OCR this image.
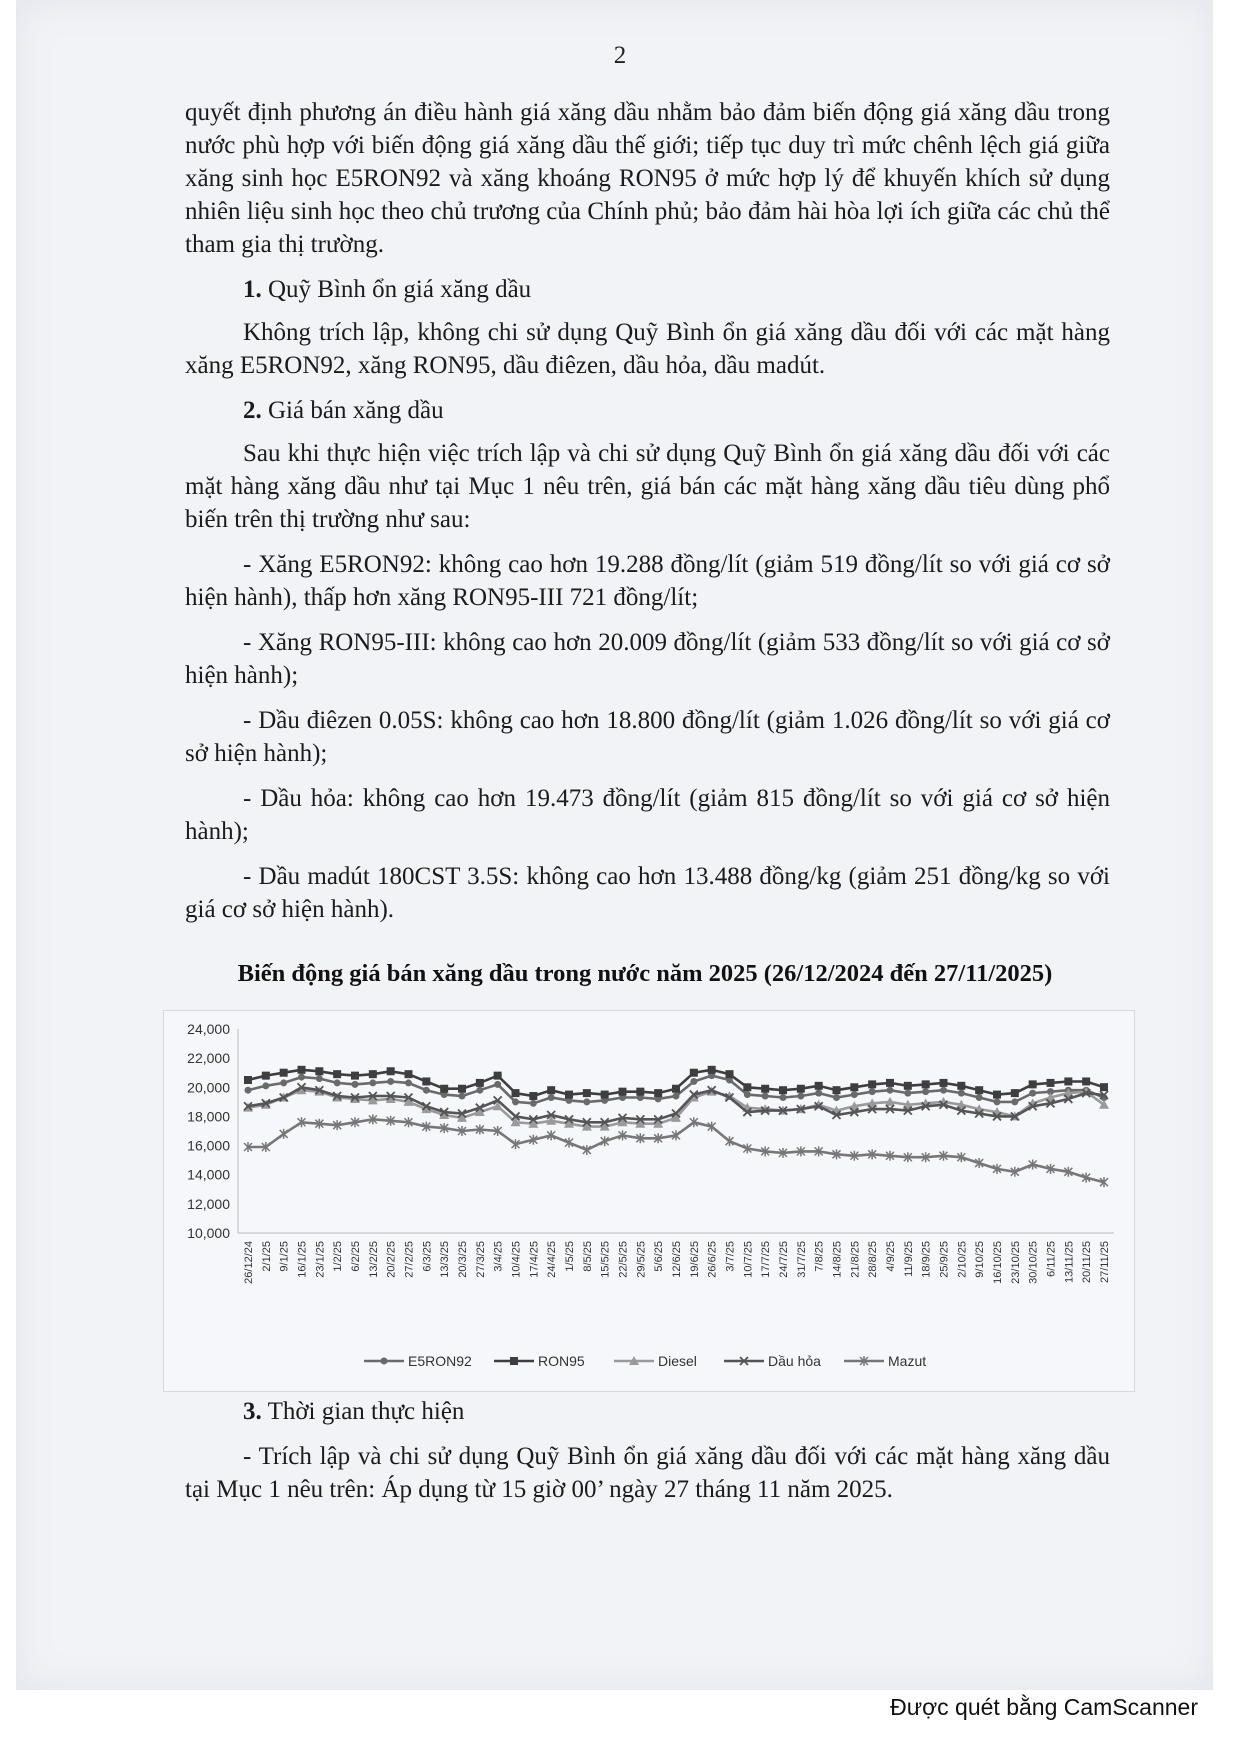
2

quyết định phương án điều hành giá xăng dầu nhằm bảo đảm biến động giá xăng dầu trong nước phù hợp với biến động giá xăng dầu thế giới; tiếp tục duy trì mức chênh lệch giá giữa xăng sinh học E5RON92 và xăng khoáng RON95 ở mức hợp lý để khuyến khích sử dụng nhiên liệu sinh học theo chủ trương của Chính phủ; bảo đảm hài hòa lợi ích giữa các chủ thể tham gia thị trường.

1. Quỹ Bình ổn giá xăng dầu

Không trích lập, không chi sử dụng Quỹ Bình ổn giá xăng dầu đối với các mặt hàng xăng E5RON92, xăng RON95, dầu điêzen, dầu hỏa, dầu madút.

2. Giá bán xăng dầu

Sau khi thực hiện việc trích lập và chi sử dụng Quỹ Bình ổn giá xăng dầu đối với các mặt hàng xăng dầu như tại Mục 1 nêu trên, giá bán các mặt hàng xăng dầu tiêu dùng phổ biến trên thị trường như sau:

- Xăng E5RON92: không cao hơn 19.288 đồng/lít (giảm 519 đồng/lít so với giá cơ sở hiện hành), thấp hơn xăng RON95-III 721 đồng/lít;

- Xăng RON95-III: không cao hơn 20.009 đồng/lít (giảm 533 đồng/lít so với giá cơ sở hiện hành);

- Dầu điêzen 0.05S: không cao hơn 18.800 đồng/lít (giảm 1.026 đồng/lít so với giá cơ sở hiện hành);

- Dầu hỏa: không cao hơn 19.473 đồng/lít (giảm 815 đồng/lít so với giá cơ sở hiện hành);

- Dầu madút 180CST 3.5S: không cao hơn 13.488 đồng/kg (giảm 251 đồng/kg so với giá cơ sở hiện hành).

Biến động giá bán xăng dầu trong nước năm 2025 (26/12/2024 đến 27/11/2025)
24,000
22,000
20,000
18,000
16,000
14,000
12,000
10,000
26/12/24 2/1/25 9/1/25 16/1/25 23/1/25 1/2/25 6/2/25 13/2/25 20/2/25 27/2/25 6/3/25 13/3/25 20/3/25 27/3/25 3/4/25 10/4/25 17/4/25 24/4/25 1/5/25 8/5/25 15/5/25 22/5/25 29/5/25 5/6/25 12/6/25 19/6/25 26/6/25 3/7/25 10/7/25 17/7/25 24/7/25 31/7/25 7/8/25 14/8/25 21/8/25 28/8/25 4/9/25 11/9/25 18/9/25 25/9/25 2/10/25 9/10/25 16/10/25 23/10/25 30/10/25 6/11/25 13/11/25 20/11/25 27/11/25
E5RON92	RON95	Diesel	Dầu hỏa	Mazut

3. Thời gian thực hiện

- Trích lập và chi sử dụng Quỹ Bình ổn giá xăng dầu đối với các mặt hàng xăng dầu tại Mục 1 nêu trên: Áp dụng từ 15 giờ 00’ ngày 27 tháng 11 năm 2025.

Được quét bằng CamScanner
